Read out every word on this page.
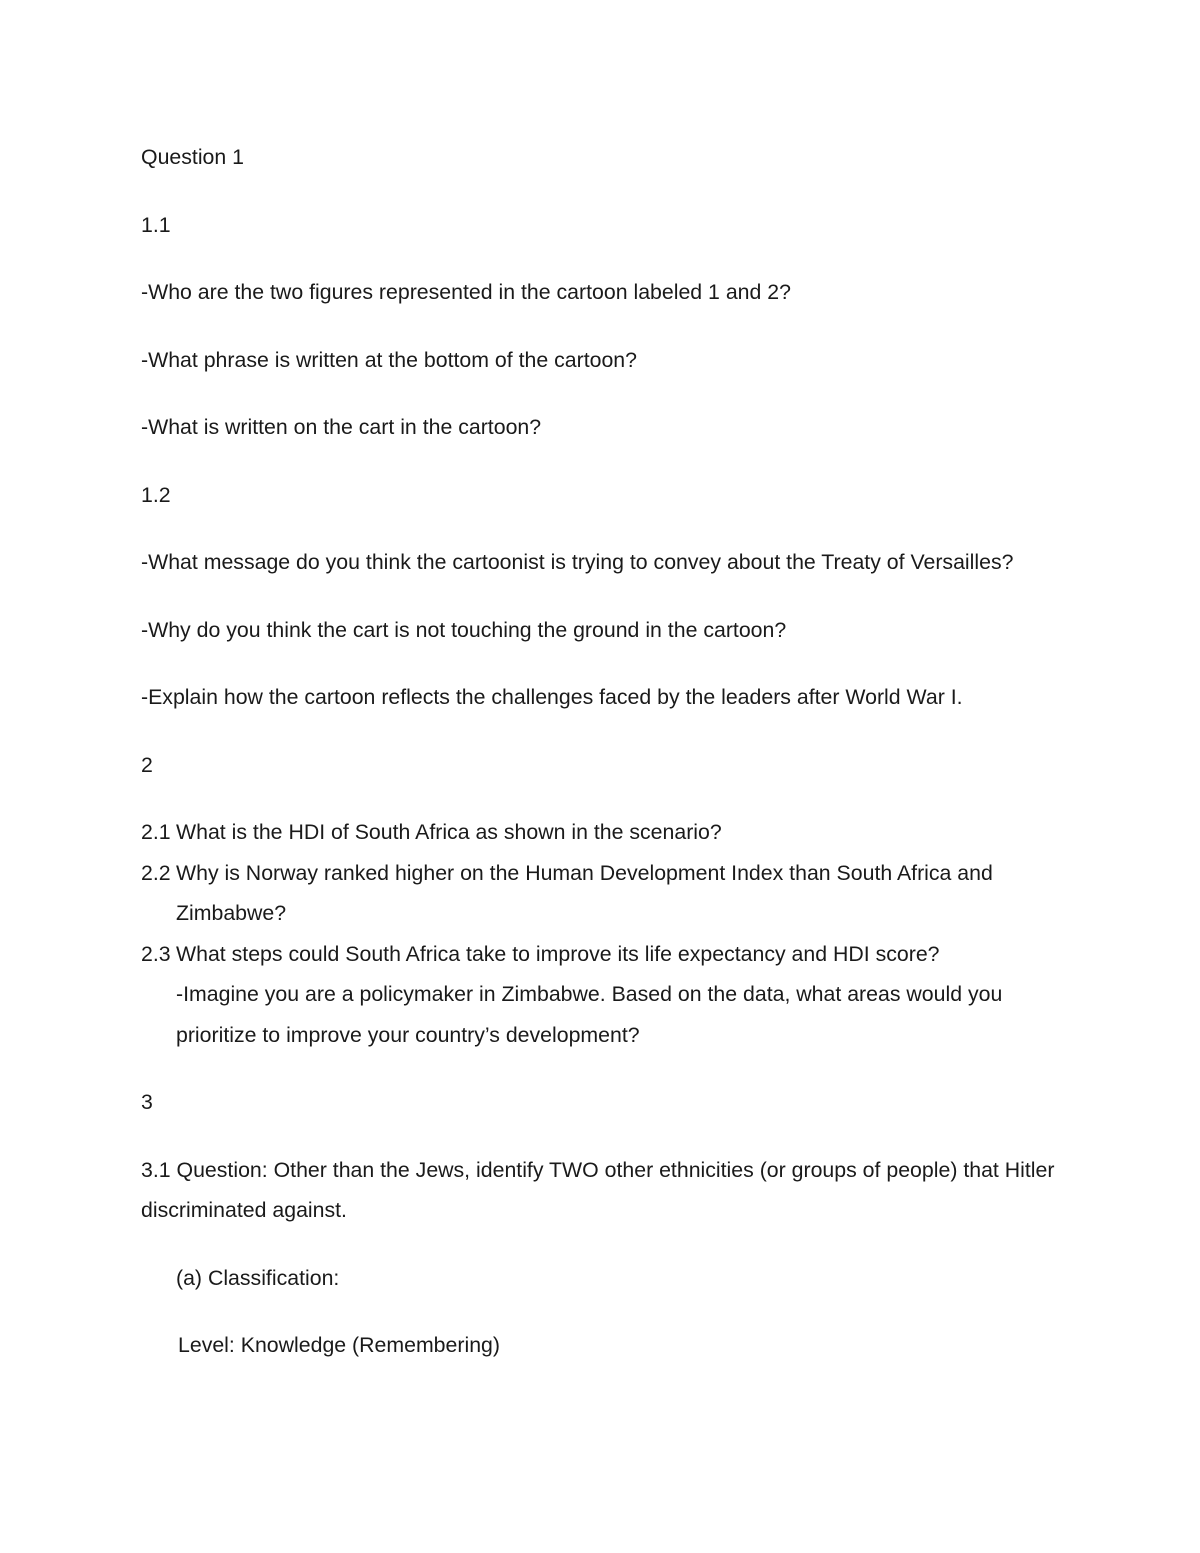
Question 1

1.1

-Who are the two figures represented in the cartoon labeled 1 and 2?

-What phrase is written at the bottom of the cartoon?

-What is written on the cart in the cartoon?

1.2

-What message do you think the cartoonist is trying to convey about the Treaty of Versailles?

-Why do you think the cart is not touching the ground in the cartoon?

-Explain how the cartoon reflects the challenges faced by the leaders after World War I.

2

2.1 What is the HDI of South Africa as shown in the scenario?
2.2 Why is Norway ranked higher on the Human Development Index than South Africa and Zimbabwe?
2.3 What steps could South Africa take to improve its life expectancy and HDI score?
-Imagine you are a policymaker in Zimbabwe. Based on the data, what areas would you prioritize to improve your country’s development?

3

3.1 Question: Other than the Jews, identify TWO other ethnicities (or groups of people) that Hitler discriminated against.

(a) Classification:

Level: Knowledge (Remembering)
